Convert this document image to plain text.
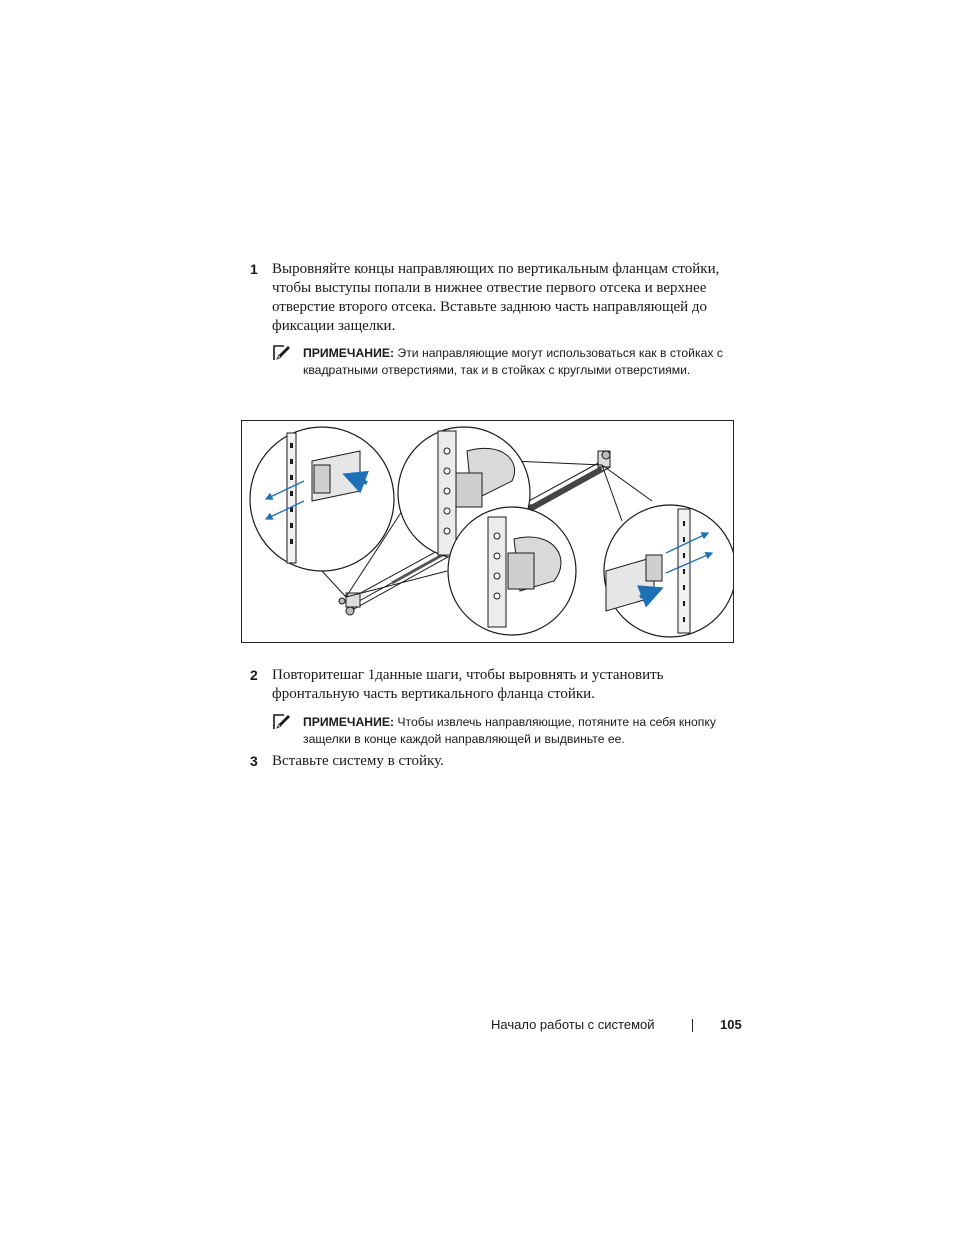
1 Выровняйте концы направляющих по вертикальным фланцам стойки, чтобы выступы попали в нижнее отвестие первого отсека и верхнее отверстие второго отсека. Вставьте заднюю часть направляющей до фиксации защелки.
ПРИМЕЧАНИЕ: Эти направляющие могут использоваться как в стойках с квадратными отверстиями, так и в стойках с круглыми отверстиями.
2 Повторитешаг 1данные шаги, чтобы выровнять и установить фронтальную часть вертикального фланца стойки.
ПРИМЕЧАНИЕ: Чтобы извлечь направляющие, потяните на себя кнопку защелки в конце каждой направляющей и выдвиньте ее.
3 Вставьте систему в стойку.
Начало работы с системой	105
